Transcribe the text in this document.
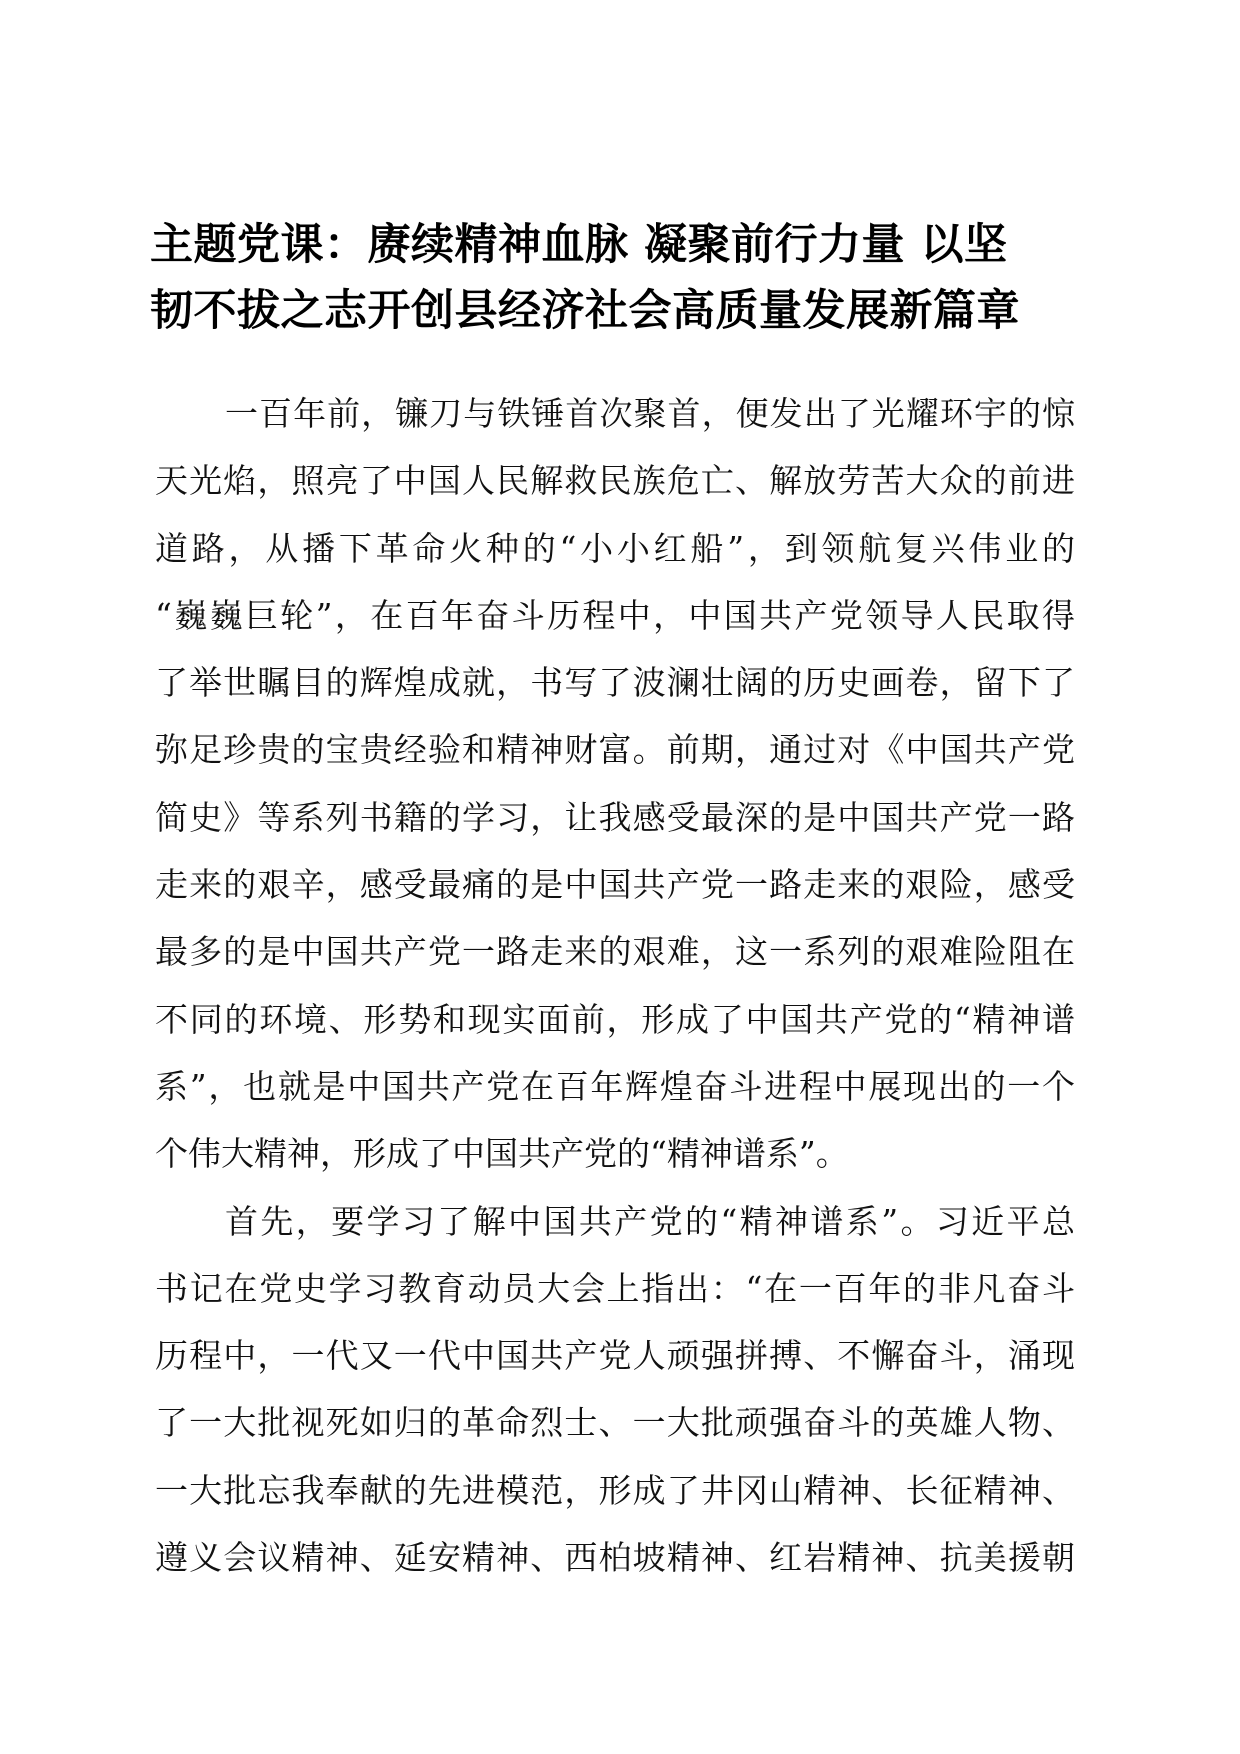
主题党课：赓续精神血脉 凝聚前行力量 以坚
韧不拔之志开创县经济社会高质量发展新篇章
一百年前，镰刀与铁锤首次聚首，便发出了光耀环宇的惊
天光焰，照亮了中国人民解救民族危亡、解放劳苦大众的前进
道路，从播下革命火种的“小小红船”，到领航复兴伟业的
“巍巍巨轮”，在百年奋斗历程中，中国共产党领导人民取得
了举世瞩目的辉煌成就，书写了波澜壮阔的历史画卷，留下了
弥足珍贵的宝贵经验和精神财富。前期，通过对《中国共产党
简史》等系列书籍的学习，让我感受最深的是中国共产党一路
走来的艰辛，感受最痛的是中国共产党一路走来的艰险，感受
最多的是中国共产党一路走来的艰难，这一系列的艰难险阻在
不同的环境、形势和现实面前，形成了中国共产党的“精神谱
系”，也就是中国共产党在百年辉煌奋斗进程中展现出的一个
个伟大精神，形成了中国共产党的“精神谱系”。
首先，要学习了解中国共产党的“精神谱系”。习近平总
书记在党史学习教育动员大会上指出：“在一百年的非凡奋斗
历程中，一代又一代中国共产党人顽强拼搏、不懈奋斗，涌现
了一大批视死如归的革命烈士、一大批顽强奋斗的英雄人物、
一大批忘我奉献的先进模范，形成了井冈山精神、长征精神、
遵义会议精神、延安精神、西柏坡精神、红岩精神、抗美援朝
